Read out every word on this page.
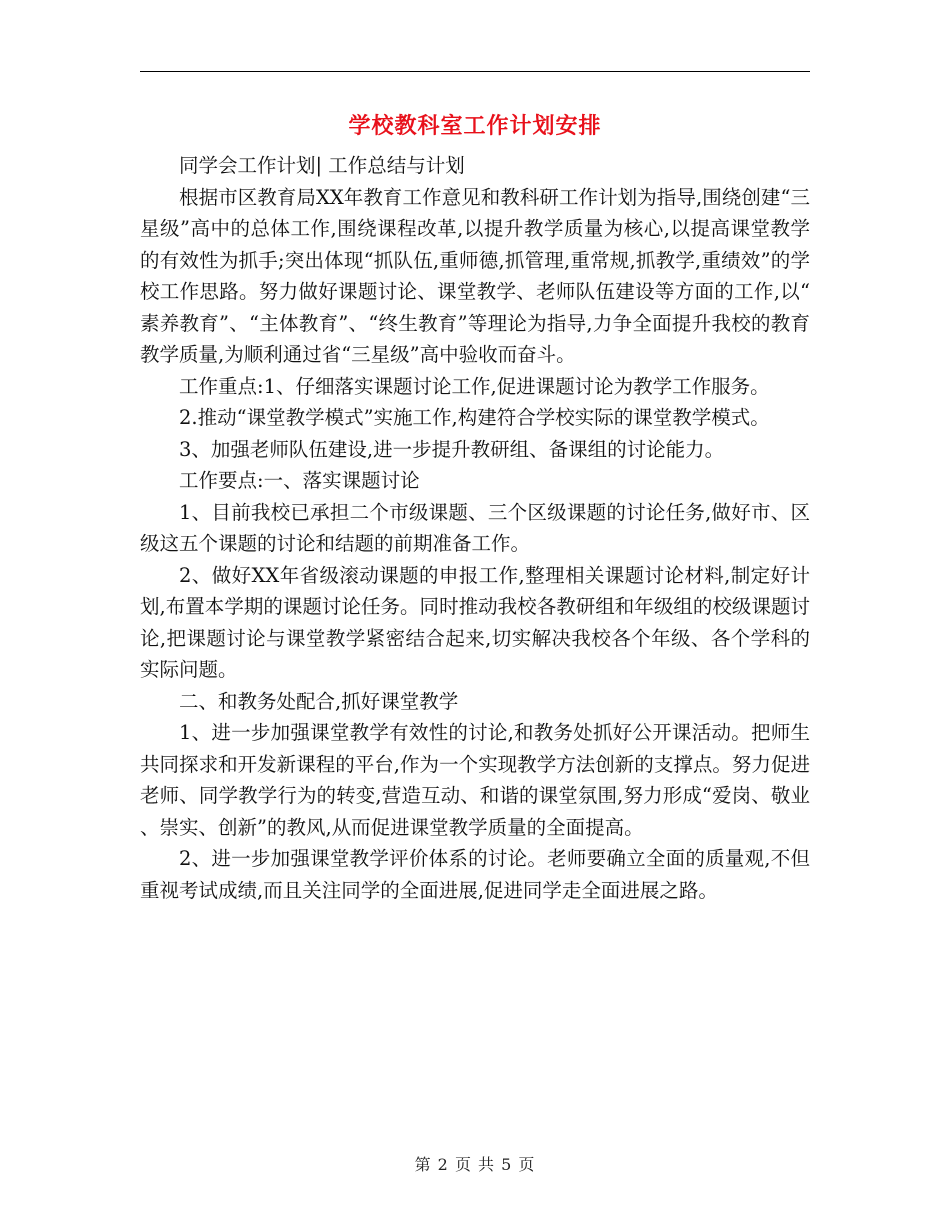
学校教科室工作计划安排

同学会工作计划| 工作总结与计划

根据市区教育局XX年教育工作意见和教科研工作计划为指导,围绕创建“三星级”高中的总体工作,围绕课程改革,以提升教学质量为核心,以提高课堂教学的有效性为抓手;突出体现“抓队伍,重师德,抓管理,重常规,抓教学,重绩效”的学校工作思路。努力做好课题讨论、课堂教学、老师队伍建设等方面的工作,以“素养教育”、“主体教育”、“终生教育”等理论为指导,力争全面提升我校的教育教学质量,为顺利通过省“三星级”高中验收而奋斗。

工作重点:1、仔细落实课题讨论工作,促进课题讨论为教学工作服务。

2.推动“课堂教学模式”实施工作,构建符合学校实际的课堂教学模式。

3、加强老师队伍建设,进一步提升教研组、备课组的讨论能力。

工作要点:一、落实课题讨论

1、目前我校已承担二个市级课题、三个区级课题的讨论任务,做好市、区级这五个课题的讨论和结题的前期准备工作。

2、做好XX年省级滚动课题的申报工作,整理相关课题讨论材料,制定好计划,布置本学期的课题讨论任务。同时推动我校各教研组和年级组的校级课题讨论,把课题讨论与课堂教学紧密结合起来,切实解决我校各个年级、各个学科的实际问题。

二、和教务处配合,抓好课堂教学

1、进一步加强课堂教学有效性的讨论,和教务处抓好公开课活动。把师生共同探求和开发新课程的平台,作为一个实现教学方法创新的支撑点。努力促进老师、同学教学行为的转变,营造互动、和谐的课堂氛围,努力形成“爱岗、敬业、崇实、创新”的教风,从而促进课堂教学质量的全面提高。

2、进一步加强课堂教学评价体系的讨论。老师要确立全面的质量观,不但重视考试成绩,而且关注同学的全面进展,促进同学走全面进展之路。

第 2 页 共 5 页
